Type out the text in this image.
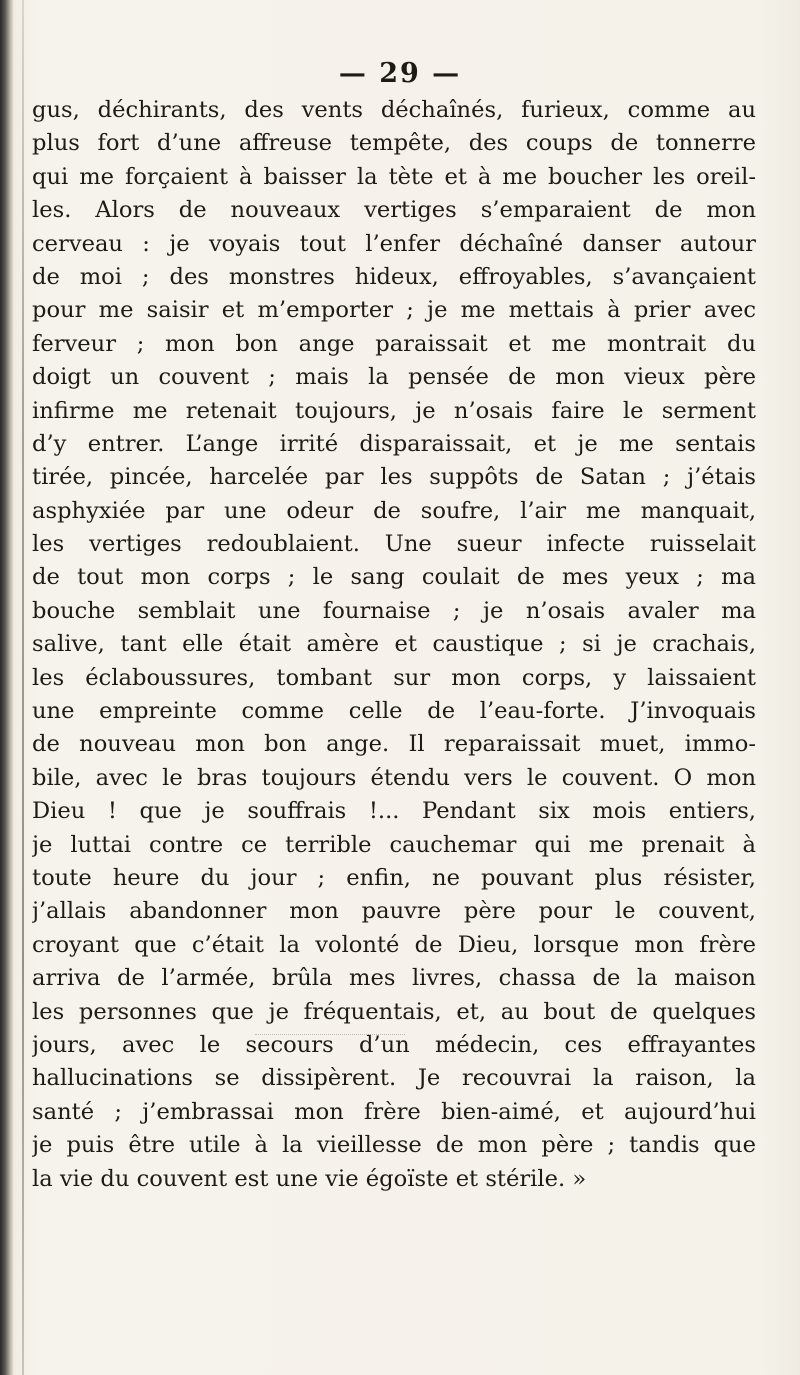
— 29 —
gus, déchirants, des vents déchaînés, furieux, comme au
plus fort d’une affreuse tempête, des coups de tonnerre
qui me forçaient à baisser la tète et à me boucher les oreil-
les. Alors de nouveaux vertiges s’emparaient de mon
cerveau : je voyais tout l’enfer déchaîné danser autour
de moi ; des monstres hideux, effroyables, s’avançaient
pour me saisir et m’emporter ; je me mettais à prier avec
ferveur ; mon bon ange paraissait et me montrait du
doigt un couvent ; mais la pensée de mon vieux père
infirme me retenait toujours, je n’osais faire le serment
d’y entrer. L’ange irrité disparaissait, et je me sentais
tirée, pincée, harcelée par les suppôts de Satan ; j’étais
asphyxiée par une odeur de soufre, l’air me manquait,
les vertiges redoublaient. Une sueur infecte ruisselait
de tout mon corps ; le sang coulait de mes yeux ; ma
bouche semblait une fournaise ; je n’osais avaler ma
salive, tant elle était amère et caustique ; si je crachais,
les éclaboussures, tombant sur mon corps, y laissaient
une empreinte comme celle de l’eau-forte. J’invoquais
de nouveau mon bon ange. Il reparaissait muet, immo-
bile, avec le bras toujours étendu vers le couvent. O mon
Dieu ! que je souffrais !... Pendant six mois entiers,
je luttai contre ce terrible cauchemar qui me prenait à
toute heure du jour ; enfin, ne pouvant plus résister,
j’allais abandonner mon pauvre père pour le couvent,
croyant que c’était la volonté de Dieu, lorsque mon frère
arriva de l’armée, brûla mes livres, chassa de la maison
les personnes que je fréquentais, et, au bout de quelques
jours, avec le secours d’un médecin, ces effrayantes
hallucinations se dissipèrent. Je recouvrai la raison, la
santé ; j’embrassai mon frère bien-aimé, et aujourd’hui
je puis être utile à la vieillesse de mon père ; tandis que
la vie du couvent est une vie égoïste et stérile. »
